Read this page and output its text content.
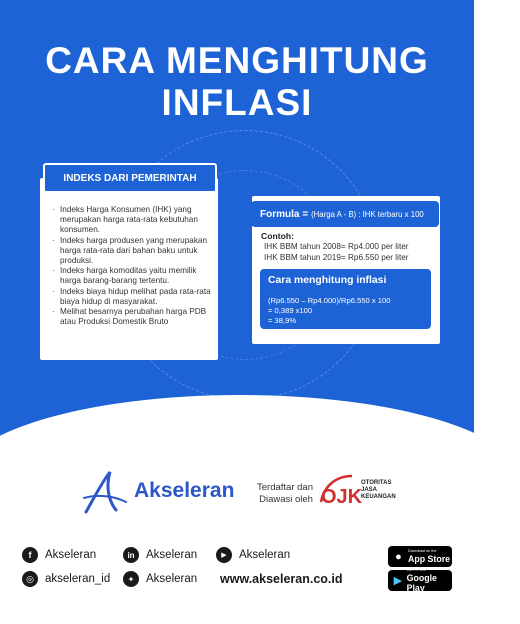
CARA MENGHITUNG
INFLASI
INDEKS DARI PEMERINTAH
· Indeks Harga Konsumen (IHK) yang merupakan harga rata-rata kebutuhan konsumen.
· Indeks harga produsen yang merupakan harga rata-rata dari bahan baku untuk produksi.
· Indeks harga komoditas yaitu memilik harga barang-barang tertentu.
· Indeks biaya hidup melihat pada rata-rata biaya hidup di masyarakat.
· Melihat besarnya perubahan harga PDB atau Produksi Domestik Bruto
Formula = (Harga A - B) : IHK terbaru x 100
Contoh:
IHK BBM tahun 2008= Rp4.000 per liter
IHK BBM tahun 2019= Rp6.550 per liter
Cara menghitung inflasi
(Rp6.550 – Rp4.000)/Rp6.550 x 100
= 0,389 x100
= 38,9%
Akseleran Terdaftar dan
Diawasi oleh OJK
OTORITAS
JASA
KEUANGAN
f	Akseleran	in Akseleran	▶	Akseleran
◎ akseleran_id	✦	Akseleran www.akseleran.co.id
●	Download on the
App Store
▶
GET IT ON
Google Play
